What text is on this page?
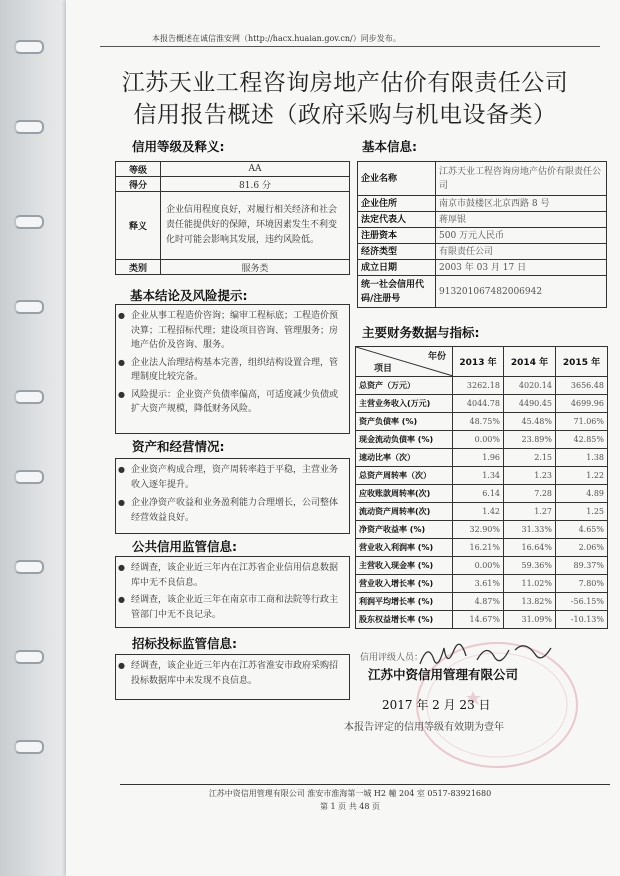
本报告概述在诚信淮安网（http://hacx.huaian.gov.cn/）同步发布。
江苏天业工程咨询房地产估价有限责任公司
信用报告概述（政府采购与机电设备类）
信用等级及释义:
等级	AA
得分	81.6 分
释义	企业信用程度良好，对履行相关经济和社会责任能提供好的保障，环境因素发生不利变化时可能会影响其发展，违约风险低。
类别	服务类
基本结论及风险提示:
● 企业从事工程造价咨询；编审工程标底；工程造价预决算；工程招标代理；建设项目咨询、管理服务；房地产估价及咨询、服务。
● 企业法人治理结构基本完善，组织结构设置合理，管理制度比较完备。
● 风险提示：企业资产负债率偏高，可适度减少负债或扩大资产规模，降低财务风险。
资产和经营情况:
● 企业资产构成合理，资产周转率趋于平稳，主营业务收入逐年提升。
● 企业净资产收益和业务盈利能力合理增长，公司整体经营效益良好。
公共信用监管信息:
● 经调查，该企业近三年内在江苏省企业信用信息数据库中无不良信息。
● 经调查，该企业近三年在南京市工商和法院等行政主管部门中无不良记录。
招标投标监管信息:
● 经调查，该企业近三年内在江苏省淮安市政府采购招投标数据库中未发现不良信息。
基本信息:
企业名称	江苏天业工程咨询房地产估价有限责任公司
企业住所	南京市鼓楼区北京西路 8 号
法定代表人	蒋厚银
注册资本	500 万元人民币
经济类型	有限责任公司
成立日期	2003 年 03 月 17 日
统一社会信用代码/注册号	913201067482006942
主要财务数据与指标:
年份
项目	2013 年	2014 年	2015 年
总资产（万元）	3262.18	4020.14	3656.48
主营业务收入(万元)	4044.78	4490.45	4699.96
资产负债率 (%)	48.75%	45.48%	71.06%
现金流动负债率 (%)	0.00%	23.89%	42.85%
速动比率（次）	1.96	2.15	1.38
总资产周转率（次）	1.34	1.23	1.22
应收账款周转率(次)	6.14	7.28	4.89
流动资产周转率(次)	1.42	1.27	1.25
净资产收益率 (%)	32.90%	31.33%	4.65%
营业收入利润率 (%)	16.21%	16.64%	2.06%
主营收入现金率 (%)	0.00%	59.36%	89.37%
营业收入增长率 (%)	3.61%	11.02%	7.80%
利润平均增长率 (%)	4.87%	13.82%	-56.15%
股东权益增长率 (%)	14.67%	31.09%	-10.13%
信用评级人员：
江苏中资信用管理有限公司
2017 年 2 月 23 日
本报告评定的信用等级有效期为壹年
江苏中资信用管理有限公司 淮安市淮海第一城 H2 幢 204 室 0517-83921680
第 1 页 共 48 页
